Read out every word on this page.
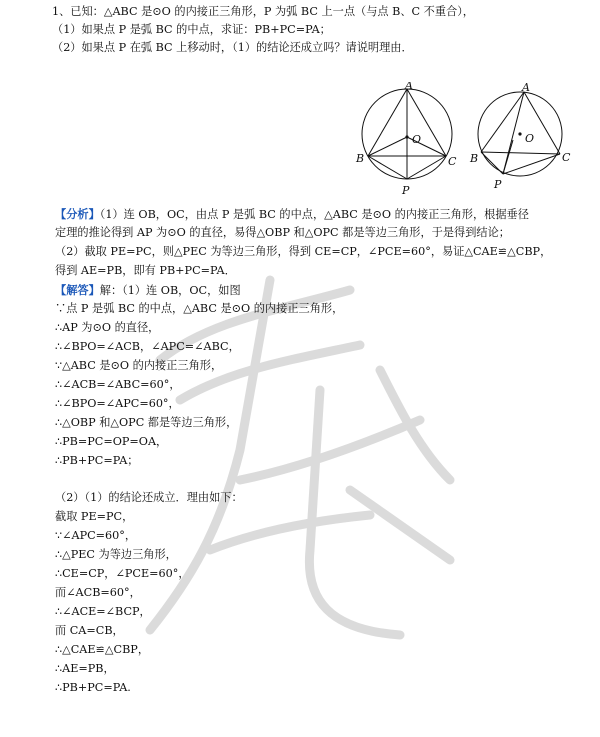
1、已知：△ABC 是⊙O 的内接正三角形，P 为弧 BC 上一点（与点 B、C 不重合），
（1）如果点 P 是弧 BC 的中点，求证：PB+PC=PA；
（2）如果点 P 在弧 BC 上移动时，（1）的结论还成立吗？请说明理由．
A
B	C
O
P
A
B	C
O
P
【分析】（1）连 OB，OC，由点 P 是弧 BC 的中点，△ABC 是⊙O 的内接正三角形，根据垂径
定理的推论得到 AP 为⊙O 的直径，易得△OBP 和△OPC 都是等边三角形，于是得到结论；
（2）截取 PE=PC，则△PEC 为等边三角形，得到 CE=CP，∠PCE=60°，易证△CAE≌△CBP，
得到 AE=PB，即有 PB+PC=PA．
【解答】解：（1）连 OB，OC，如图
∵点 P 是弧 BC 的中点，△ABC 是⊙O 的内接正三角形，
∴AP 为⊙O 的直径，
∴∠BPO=∠ACB，∠APC=∠ABC，
∵△ABC 是⊙O 的内接正三角形，
∴∠ACB=∠ABC=60°，
∴∠BPO=∠APC=60°，
∴△OBP 和△OPC 都是等边三角形，
∴PB=PC=OP=OA，
∴PB+PC=PA；
（2）（1）的结论还成立．理由如下：
截取 PE=PC，
∵∠APC=60°，
∴△PEC 为等边三角形，
∴CE=CP，∠PCE=60°，
而∠ACB=60°，
∴∠ACE=∠BCP，
而 CA=CB，
∴△CAE≌△CBP，
∴AE=PB，
∴PB+PC=PA.
